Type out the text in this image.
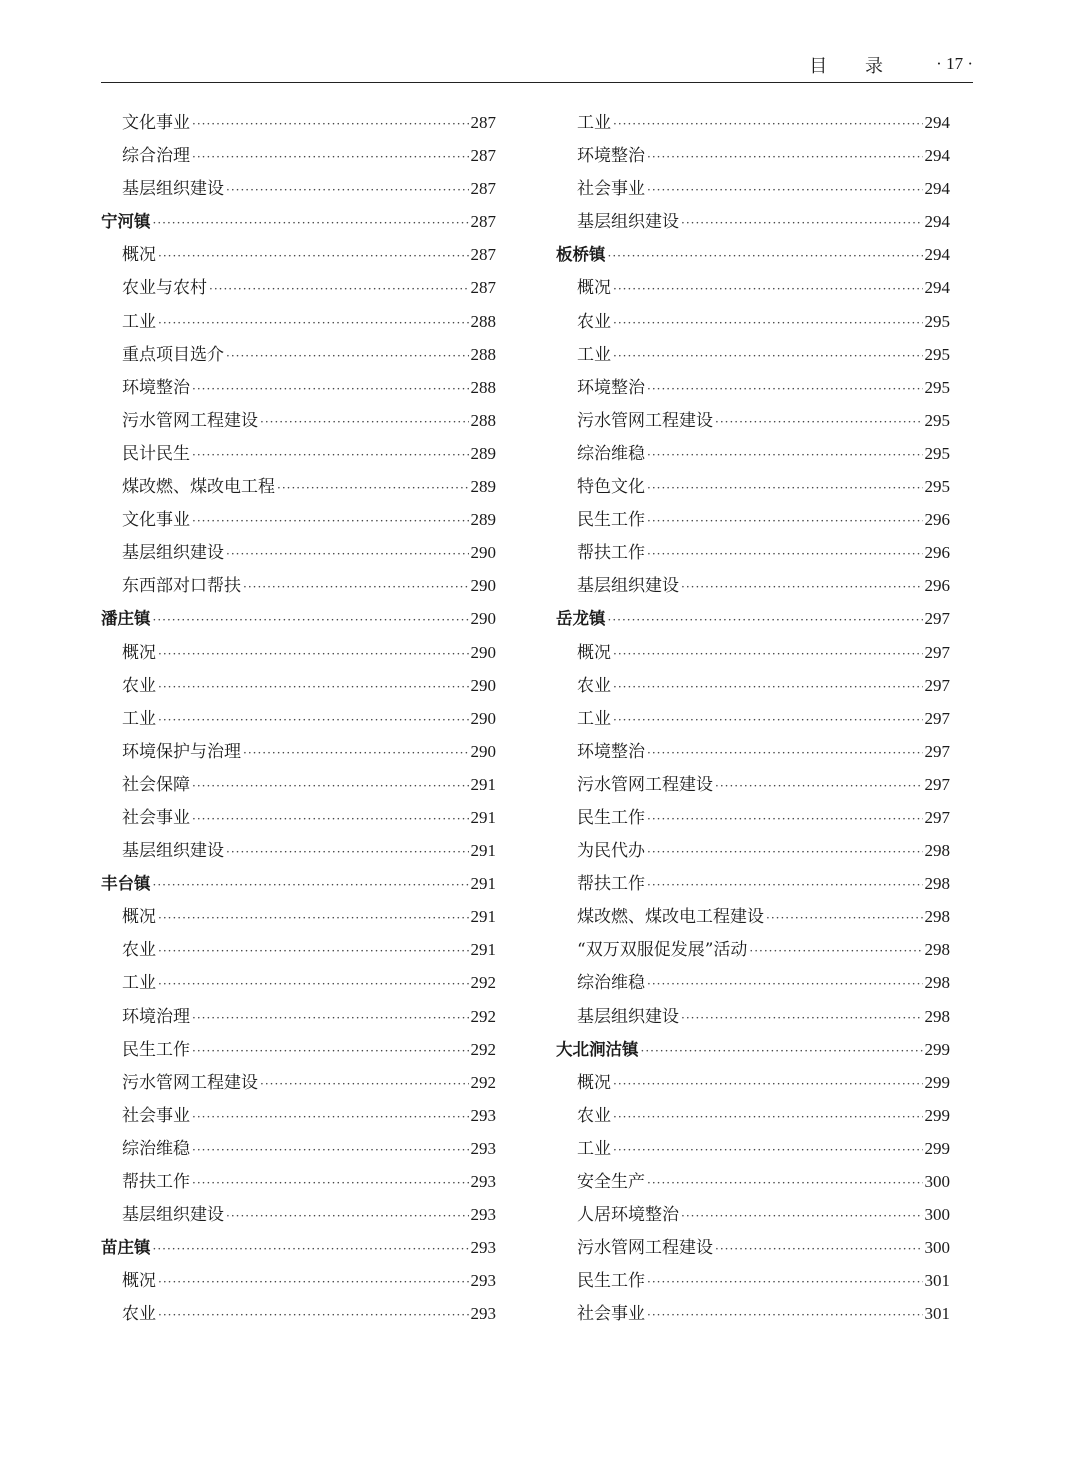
目 录 · 17 ·
文化事业 ·····	287
综合治理 ·····	287
基层组织建设 ·····	287
宁河镇 ·····	287
概况 ·····	287
农业与农村 ·····	287
工业 ·····	288
重点项目选介 ·····	288
环境整治 ·····	288
污水管网工程建设 ·····	288
民计民生 ·····	289
煤改燃、煤改电工程 ·····	289
文化事业 ·····	289
基层组织建设 ·····	290
东西部对口帮扶 ·····	290
潘庄镇 ·····	290
概况 ·····	290
农业 ·····	290
工业 ·····	290
环境保护与治理 ·····	290
社会保障 ·····	291
社会事业 ·····	291
基层组织建设 ·····	291
丰台镇 ·····	291
概况 ·····	291
农业 ·····	291
工业 ·····	292
环境治理 ·····	292
民生工作 ·····	292
污水管网工程建设 ·····	292
社会事业 ·····	293
综治维稳 ·····	293
帮扶工作 ·····	293
基层组织建设 ·····	293
苗庄镇 ·····	293
概况 ·····	293
农业 ·····	293
工业 ·····	294
环境整治 ·····	294
社会事业 ·····	294
基层组织建设 ·····	294
板桥镇 ·····	294
概况 ·····	294
农业 ·····	295
工业 ·····	295
环境整治 ·····	295
污水管网工程建设 ·····	295
综治维稳 ·····	295
特色文化 ·····	295
民生工作 ·····	296
帮扶工作 ·····	296
基层组织建设 ·····	296
岳龙镇 ·····	297
概况 ·····	297
农业 ·····	297
工业 ·····	297
环境整治 ·····	297
污水管网工程建设 ·····	297
民生工作 ·····	297
为民代办 ·····	298
帮扶工作 ·····	298
煤改燃、煤改电工程建设 ·····	298
“双万双服促发展”活动 ·····	298
综治维稳 ·····	298
基层组织建设 ·····	298
大北涧沽镇 ·····	299
概况 ·····	299
农业 ·····	299
工业 ·····	299
安全生产 ·····	300
人居环境整治 ·····	300
污水管网工程建设 ·····	300
民生工作 ·····	301
社会事业 ·····	301
